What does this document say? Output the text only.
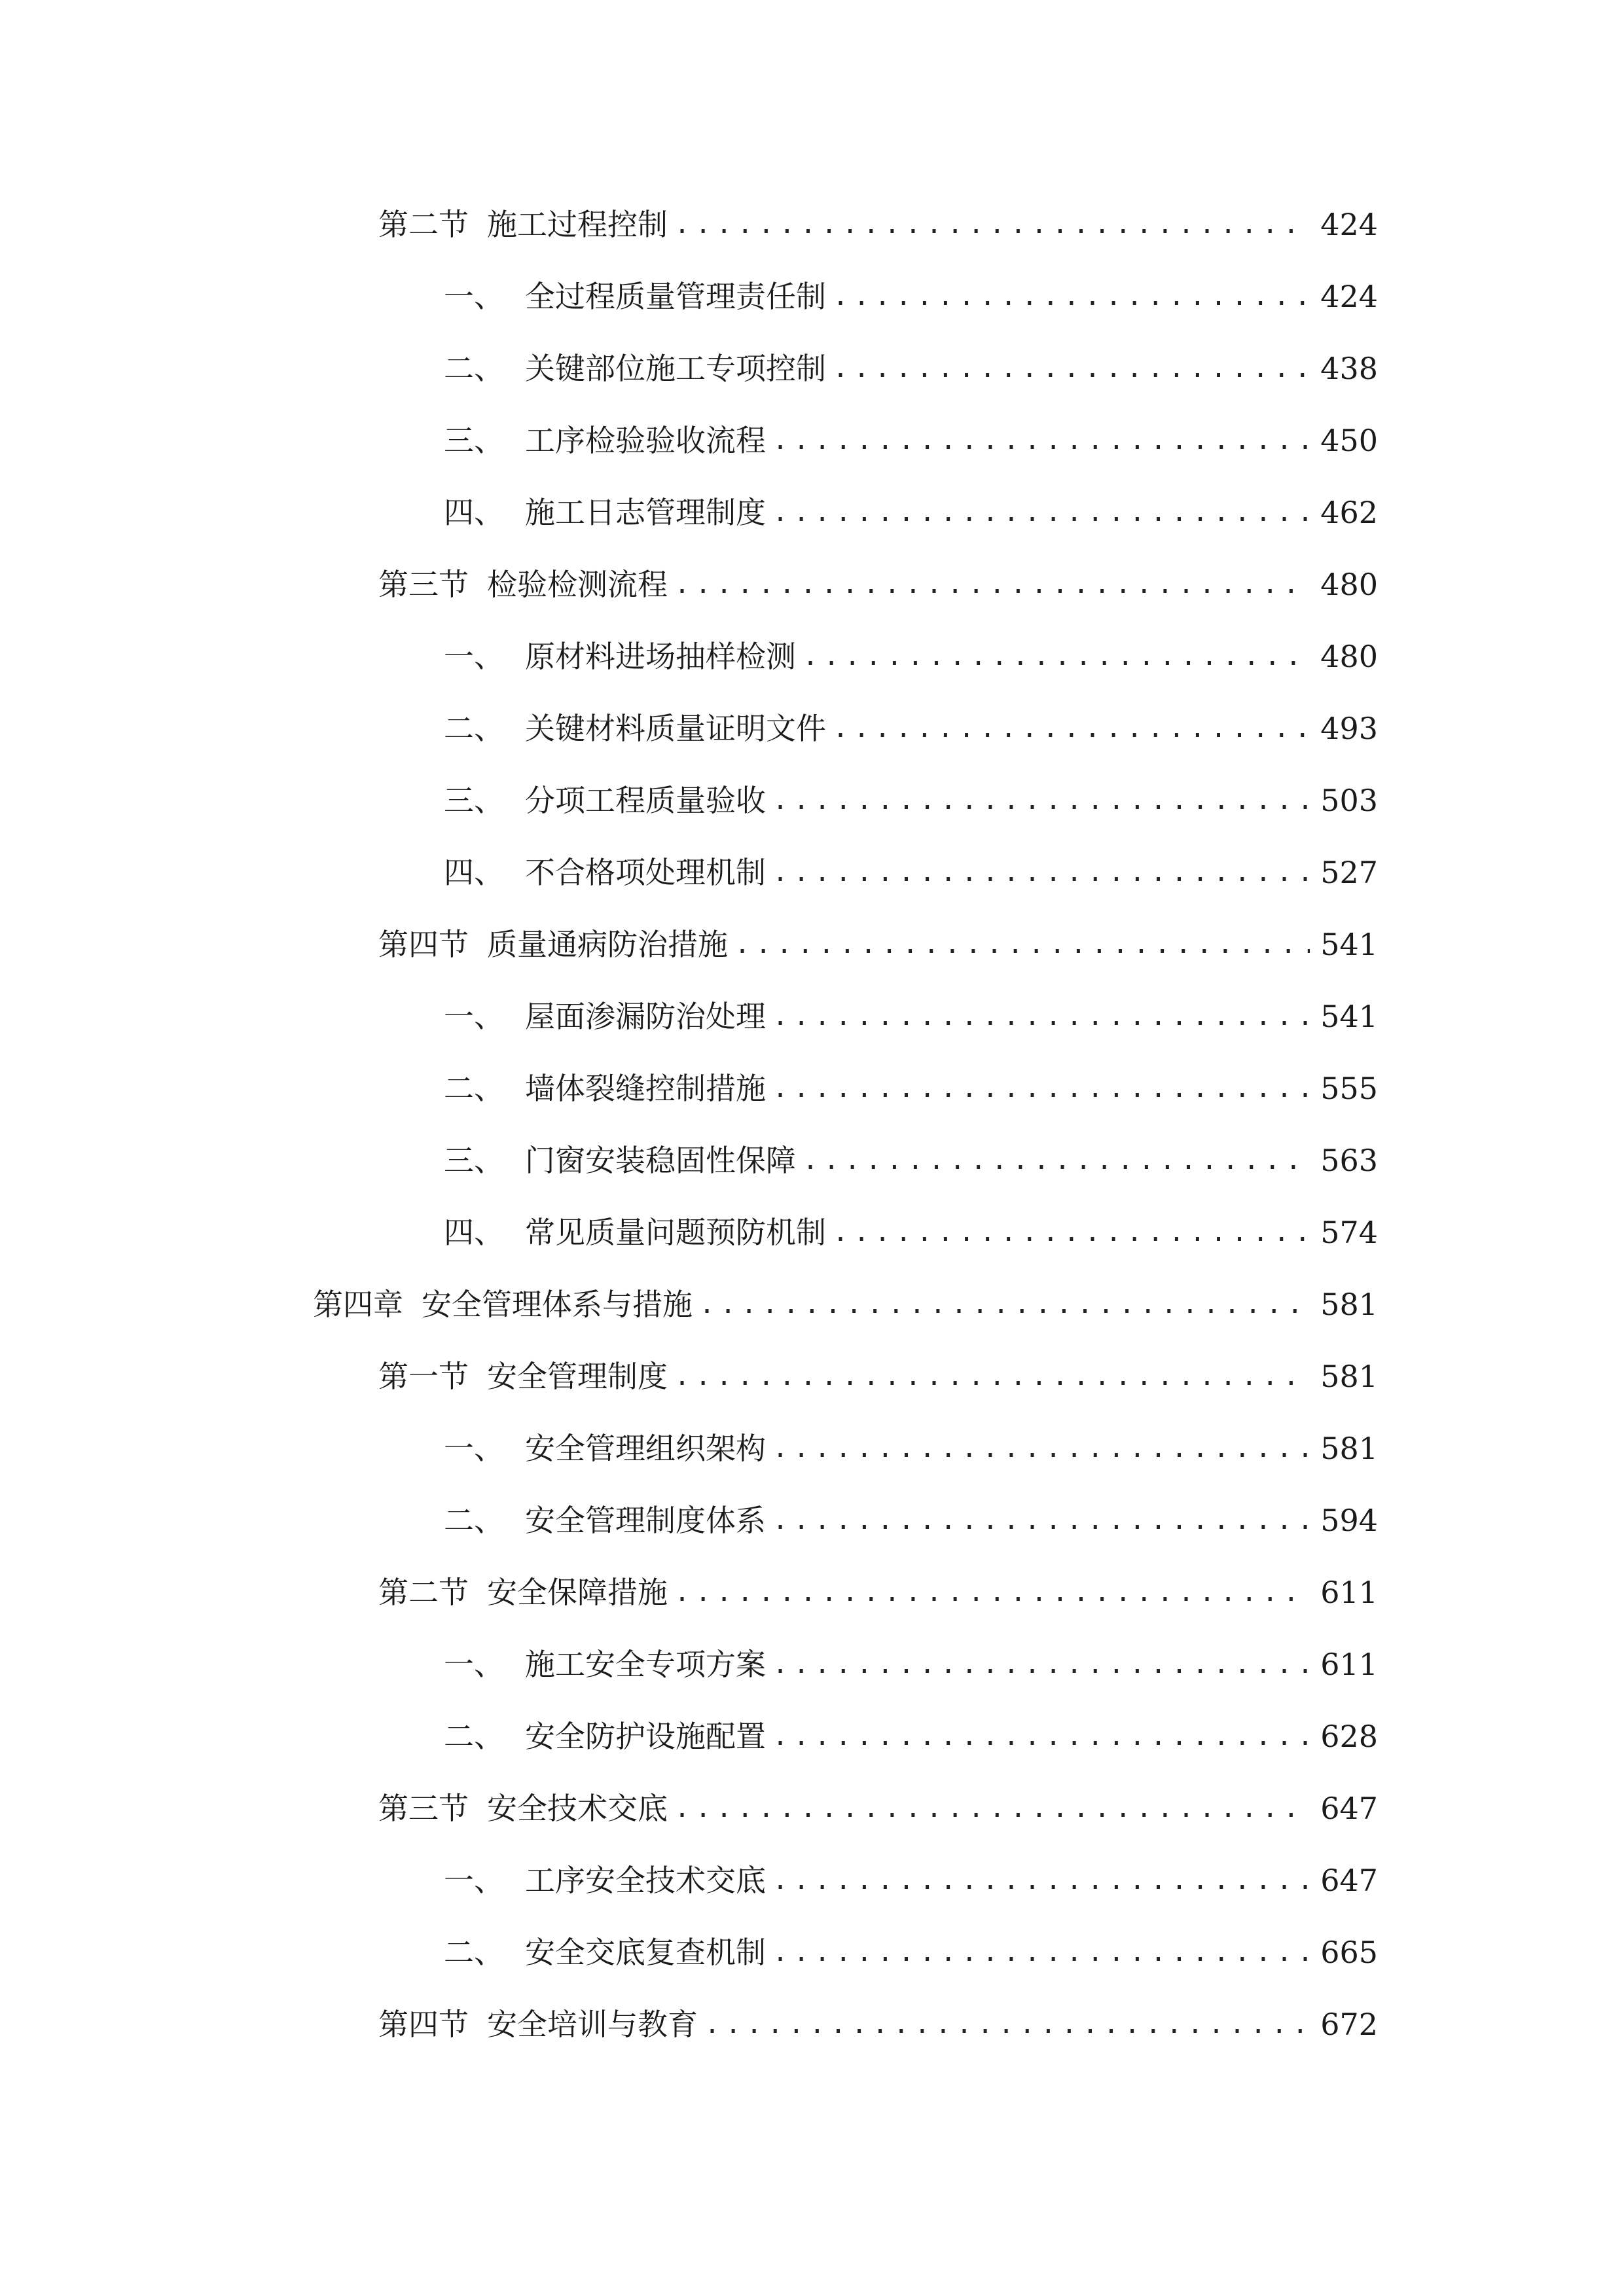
第二节 施工过程控制 .....	424
一、 全过程质量管理责任制 .....	424
二、 关键部位施工专项控制 .....	438
三、 工序检验验收流程 .....	450
四、 施工日志管理制度 .....	462
第三节 检验检测流程 .....	480
一、 原材料进场抽样检测 .....	480
二、 关键材料质量证明文件 .....	493
三、 分项工程质量验收 .....	503
四、 不合格项处理机制 .....	527
第四节 质量通病防治措施 .....	541
一、 屋面渗漏防治处理 .....	541
二、 墙体裂缝控制措施 .....	555
三、 门窗安装稳固性保障 .....	563
四、 常见质量问题预防机制 .....	574
第四章 安全管理体系与措施 .....	581
第一节 安全管理制度 .....	581
一、 安全管理组织架构 .....	581
二、 安全管理制度体系 .....	594
第二节 安全保障措施 .....	611
一、 施工安全专项方案 .....	611
二、 安全防护设施配置 .....	628
第三节 安全技术交底 .....	647
一、 工序安全技术交底 .....	647
二、 安全交底复查机制 .....	665
第四节 安全培训与教育 .....	672
